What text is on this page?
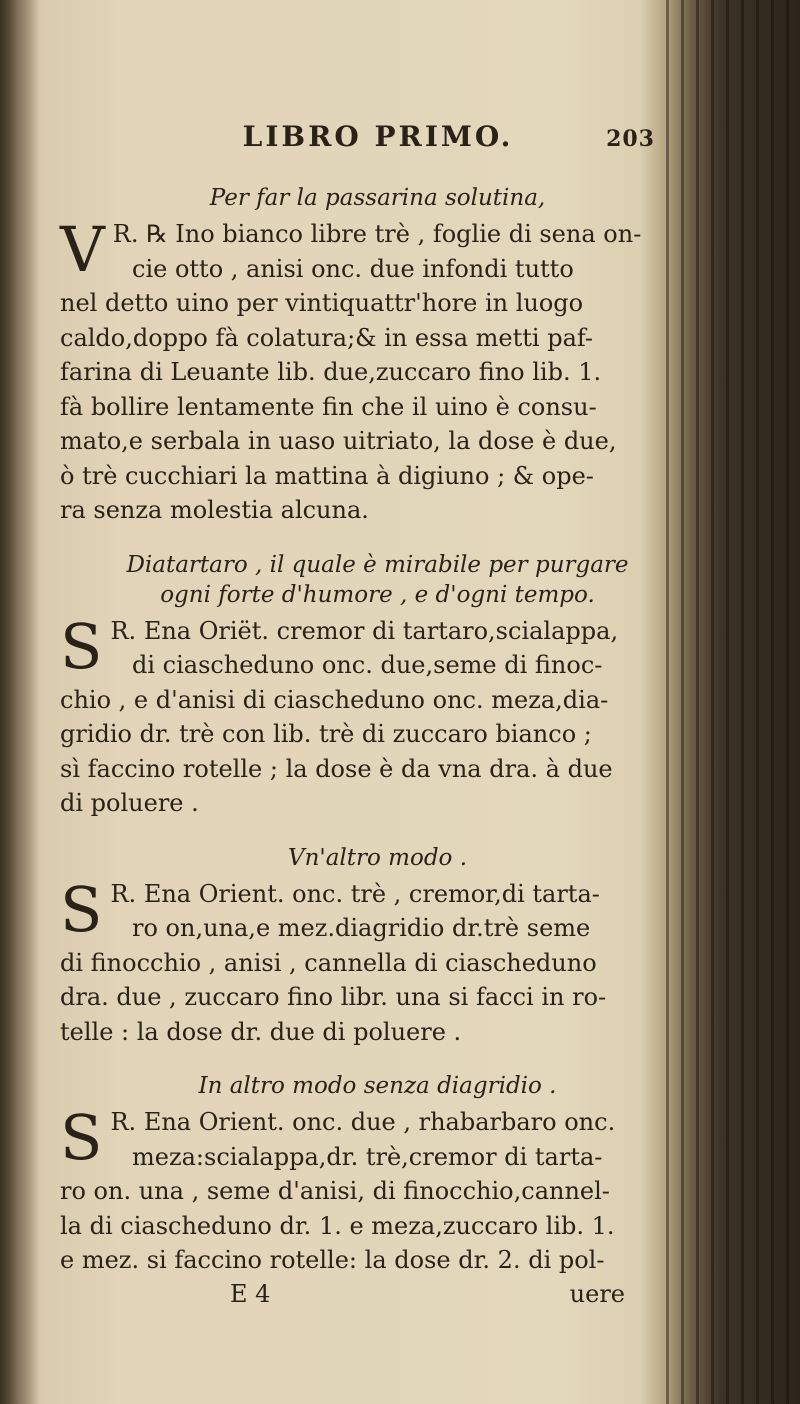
LIBRO PRIMO.	203

Per far la passarina solutina,

V R. ℞ Ino bianco libre trè , foglie di sena on-
cie otto , anisi onc. due infondi tutto
nel detto uino per vintiquattr'hore in luogo
caldo,doppo fà colatura;& in essa metti paf-
farina di Leuante lib. due,zuccaro fino lib. 1.
fà bollire lentamente fin che il uino è consu-
mato,e serbala in uaso uitriato, la dose è due,
ò trè cucchiari la mattina à digiuno ; & ope-
ra senza molestia alcuna.

Diatartaro , il quale è mirabile per purgare
ogni forte d'humore , e d'ogni tempo.

S R. Ena Oriët. cremor di tartaro,scialappa,
di ciascheduno onc. due,seme di finoc-
chio , e d'anisi di ciascheduno onc. meza,dia-
gridio dr. trè con lib. trè di zuccaro bianco ;
sì faccino rotelle ; la dose è da vna dra. à due
di poluere .

Vn'altro modo .

S R. Ena Orient. onc. trè , cremor,di tarta-
ro on,una,e mez.diagridio dr.trè seme
di finocchio , anisi , cannella di ciascheduno
dra. due , zuccaro fino libr. una si facci in ro-
telle : la dose dr. due di poluere .

In altro modo senza diagridio .

S R. Ena Orient. onc. due , rhabarbaro onc.
meza:scialappa,dr. trè,cremor di tarta-
ro on. una , seme d'anisi, di finocchio,cannel-
la di ciascheduno dr. 1. e meza,zuccaro lib. 1.
e mez. si faccino rotelle: la dose dr. 2. di pol-
E 4	uere
